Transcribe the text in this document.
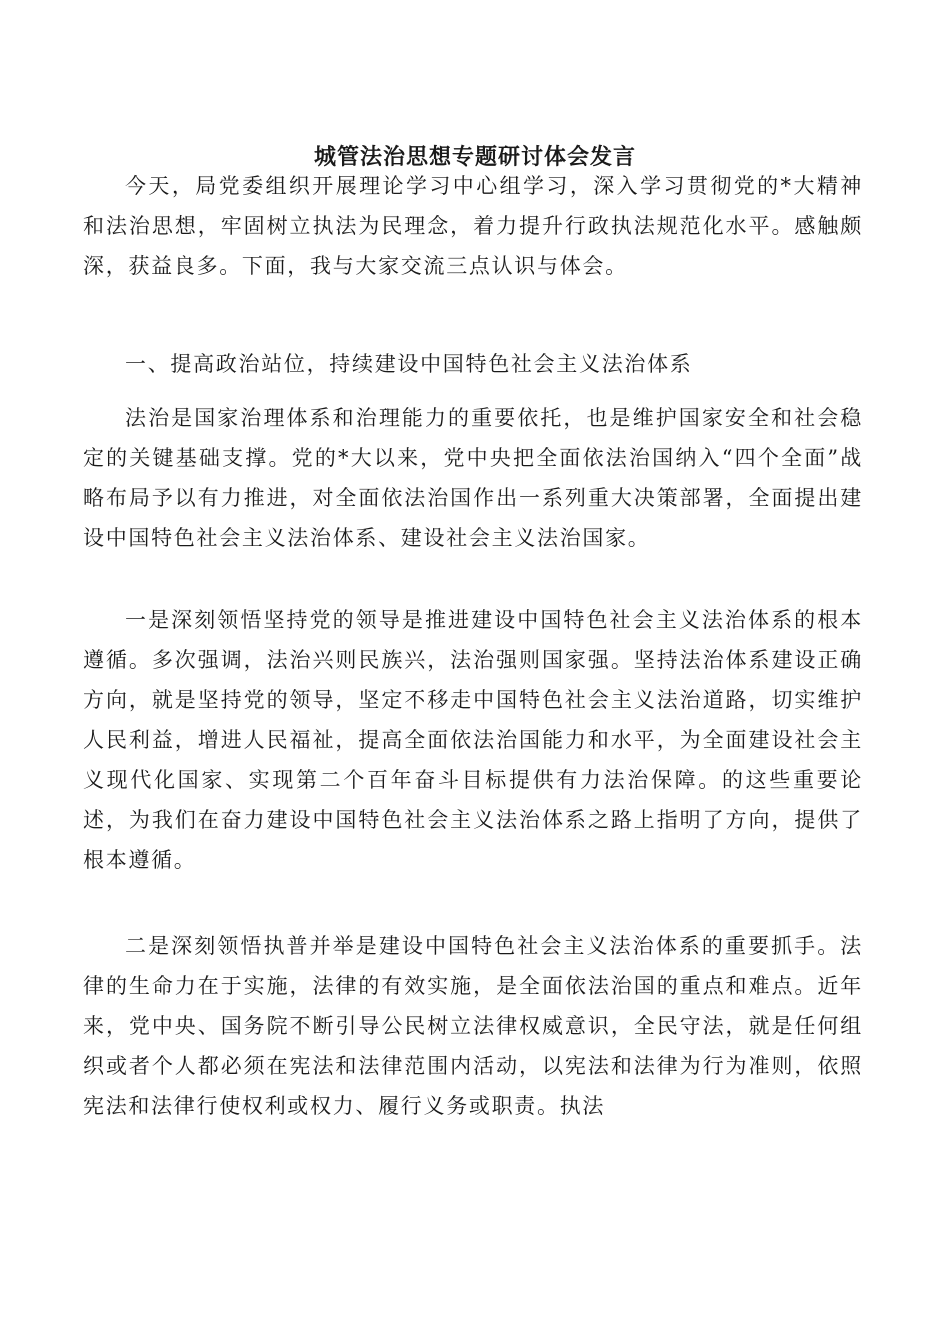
城管法治思想专题研讨体会发言

今天，局党委组织开展理论学习中心组学习，深入学习贯彻党的*大精神和法治思想，牢固树立执法为民理念，着力提升行政执法规范化水平。感触颇深，获益良多。下面，我与大家交流三点认识与体会。

一、提高政治站位，持续建设中国特色社会主义法治体系

法治是国家治理体系和治理能力的重要依托，也是维护国家安全和社会稳定的关键基础支撑。党的*大以来，党中央把全面依法治国纳入“四个全面”战略布局予以有力推进，对全面依法治国作出一系列重大决策部署，全面提出建设中国特色社会主义法治体系、建设社会主义法治国家。

一是深刻领悟坚持党的领导是推进建设中国特色社会主义法治体系的根本遵循。多次强调，法治兴则民族兴，法治强则国家强。坚持法治体系建设正确方向，就是坚持党的领导，坚定不移走中国特色社会主义法治道路，切实维护人民利益，增进人民福祉，提高全面依法治国能力和水平，为全面建设社会主义现代化国家、实现第二个百年奋斗目标提供有力法治保障。的这些重要论述，为我们在奋力建设中国特色社会主义法治体系之路上指明了方向，提供了根本遵循。

二是深刻领悟执普并举是建设中国特色社会主义法治体系的重要抓手。法律的生命力在于实施，法律的有效实施，是全面依法治国的重点和难点。近年来，党中央、国务院不断引导公民树立法律权威意识，全民守法，就是任何组织或者个人都必须在宪法和法律范围内活动，以宪法和法律为行为准则，依照宪法和法律行使权利或权力、履行义务或职责。执法
